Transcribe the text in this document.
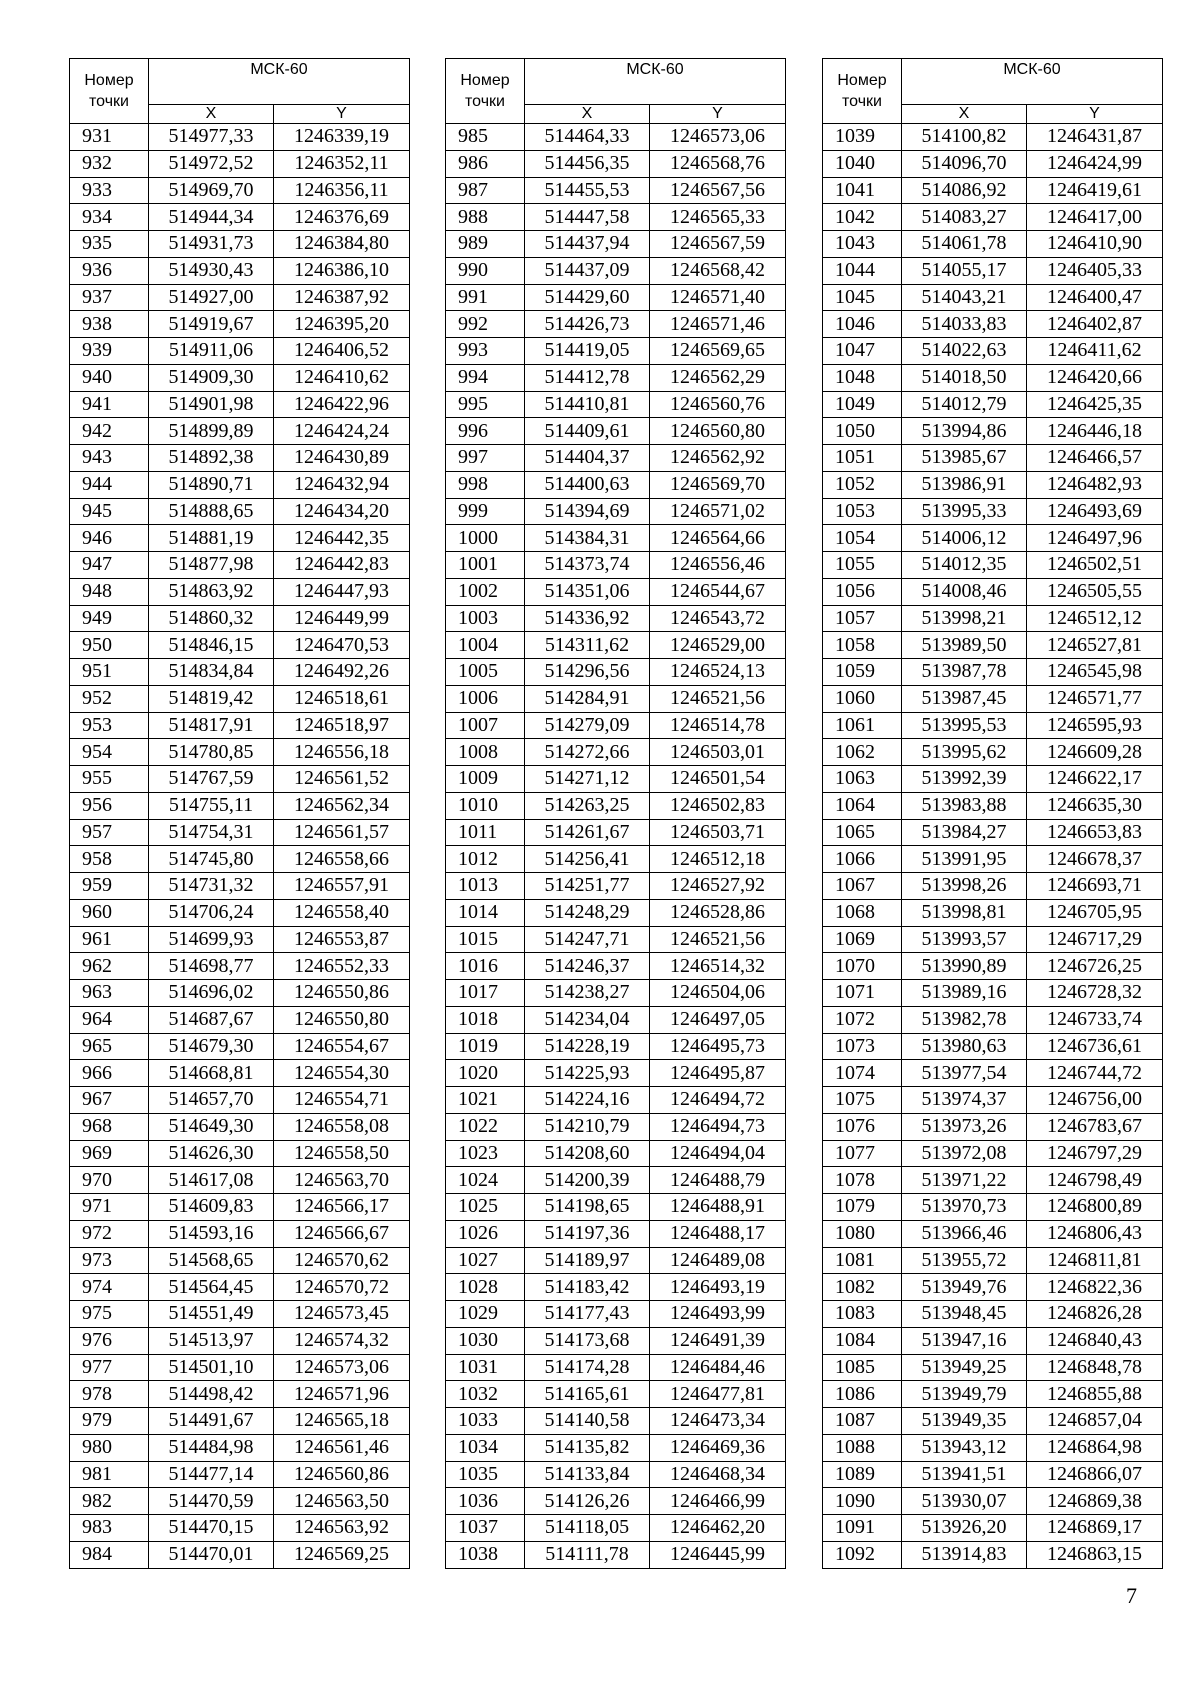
Номер
точки	МСК-60	
	X	Y
931	514977,33	1246339,19
932	514972,52	1246352,11
933	514969,70	1246356,11
934	514944,34	1246376,69
935	514931,73	1246384,80
936	514930,43	1246386,10
937	514927,00	1246387,92
938	514919,67	1246395,20
939	514911,06	1246406,52
940	514909,30	1246410,62
941	514901,98	1246422,96
942	514899,89	1246424,24
943	514892,38	1246430,89
944	514890,71	1246432,94
945	514888,65	1246434,20
946	514881,19	1246442,35
947	514877,98	1246442,83
948	514863,92	1246447,93
949	514860,32	1246449,99
950	514846,15	1246470,53
951	514834,84	1246492,26
952	514819,42	1246518,61
953	514817,91	1246518,97
954	514780,85	1246556,18
955	514767,59	1246561,52
956	514755,11	1246562,34
957	514754,31	1246561,57
958	514745,80	1246558,66
959	514731,32	1246557,91
960	514706,24	1246558,40
961	514699,93	1246553,87
962	514698,77	1246552,33
963	514696,02	1246550,86
964	514687,67	1246550,80
965	514679,30	1246554,67
966	514668,81	1246554,30
967	514657,70	1246554,71
968	514649,30	1246558,08
969	514626,30	1246558,50
970	514617,08	1246563,70
971	514609,83	1246566,17
972	514593,16	1246566,67
973	514568,65	1246570,62
974	514564,45	1246570,72
975	514551,49	1246573,45
976	514513,97	1246574,32
977	514501,10	1246573,06
978	514498,42	1246571,96
979	514491,67	1246565,18
980	514484,98	1246561,46
981	514477,14	1246560,86
982	514470,59	1246563,50
983	514470,15	1246563,92
984	514470,01	1246569,25
Номер
точки	МСК-60	
	X	Y
985	514464,33	1246573,06
986	514456,35	1246568,76
987	514455,53	1246567,56
988	514447,58	1246565,33
989	514437,94	1246567,59
990	514437,09	1246568,42
991	514429,60	1246571,40
992	514426,73	1246571,46
993	514419,05	1246569,65
994	514412,78	1246562,29
995	514410,81	1246560,76
996	514409,61	1246560,80
997	514404,37	1246562,92
998	514400,63	1246569,70
999	514394,69	1246571,02
1000	514384,31	1246564,66
1001	514373,74	1246556,46
1002	514351,06	1246544,67
1003	514336,92	1246543,72
1004	514311,62	1246529,00
1005	514296,56	1246524,13
1006	514284,91	1246521,56
1007	514279,09	1246514,78
1008	514272,66	1246503,01
1009	514271,12	1246501,54
1010	514263,25	1246502,83
1011	514261,67	1246503,71
1012	514256,41	1246512,18
1013	514251,77	1246527,92
1014	514248,29	1246528,86
1015	514247,71	1246521,56
1016	514246,37	1246514,32
1017	514238,27	1246504,06
1018	514234,04	1246497,05
1019	514228,19	1246495,73
1020	514225,93	1246495,87
1021	514224,16	1246494,72
1022	514210,79	1246494,73
1023	514208,60	1246494,04
1024	514200,39	1246488,79
1025	514198,65	1246488,91
1026	514197,36	1246488,17
1027	514189,97	1246489,08
1028	514183,42	1246493,19
1029	514177,43	1246493,99
1030	514173,68	1246491,39
1031	514174,28	1246484,46
1032	514165,61	1246477,81
1033	514140,58	1246473,34
1034	514135,82	1246469,36
1035	514133,84	1246468,34
1036	514126,26	1246466,99
1037	514118,05	1246462,20
1038	514111,78	1246445,99
Номер
точки	МСК-60	
	X	Y
1039	514100,82	1246431,87
1040	514096,70	1246424,99
1041	514086,92	1246419,61
1042	514083,27	1246417,00
1043	514061,78	1246410,90
1044	514055,17	1246405,33
1045	514043,21	1246400,47
1046	514033,83	1246402,87
1047	514022,63	1246411,62
1048	514018,50	1246420,66
1049	514012,79	1246425,35
1050	513994,86	1246446,18
1051	513985,67	1246466,57
1052	513986,91	1246482,93
1053	513995,33	1246493,69
1054	514006,12	1246497,96
1055	514012,35	1246502,51
1056	514008,46	1246505,55
1057	513998,21	1246512,12
1058	513989,50	1246527,81
1059	513987,78	1246545,98
1060	513987,45	1246571,77
1061	513995,53	1246595,93
1062	513995,62	1246609,28
1063	513992,39	1246622,17
1064	513983,88	1246635,30
1065	513984,27	1246653,83
1066	513991,95	1246678,37
1067	513998,26	1246693,71
1068	513998,81	1246705,95
1069	513993,57	1246717,29
1070	513990,89	1246726,25
1071	513989,16	1246728,32
1072	513982,78	1246733,74
1073	513980,63	1246736,61
1074	513977,54	1246744,72
1075	513974,37	1246756,00
1076	513973,26	1246783,67
1077	513972,08	1246797,29
1078	513971,22	1246798,49
1079	513970,73	1246800,89
1080	513966,46	1246806,43
1081	513955,72	1246811,81
1082	513949,76	1246822,36
1083	513948,45	1246826,28
1084	513947,16	1246840,43
1085	513949,25	1246848,78
1086	513949,79	1246855,88
1087	513949,35	1246857,04
1088	513943,12	1246864,98
1089	513941,51	1246866,07
1090	513930,07	1246869,38
1091	513926,20	1246869,17
1092	513914,83	1246863,15
7
